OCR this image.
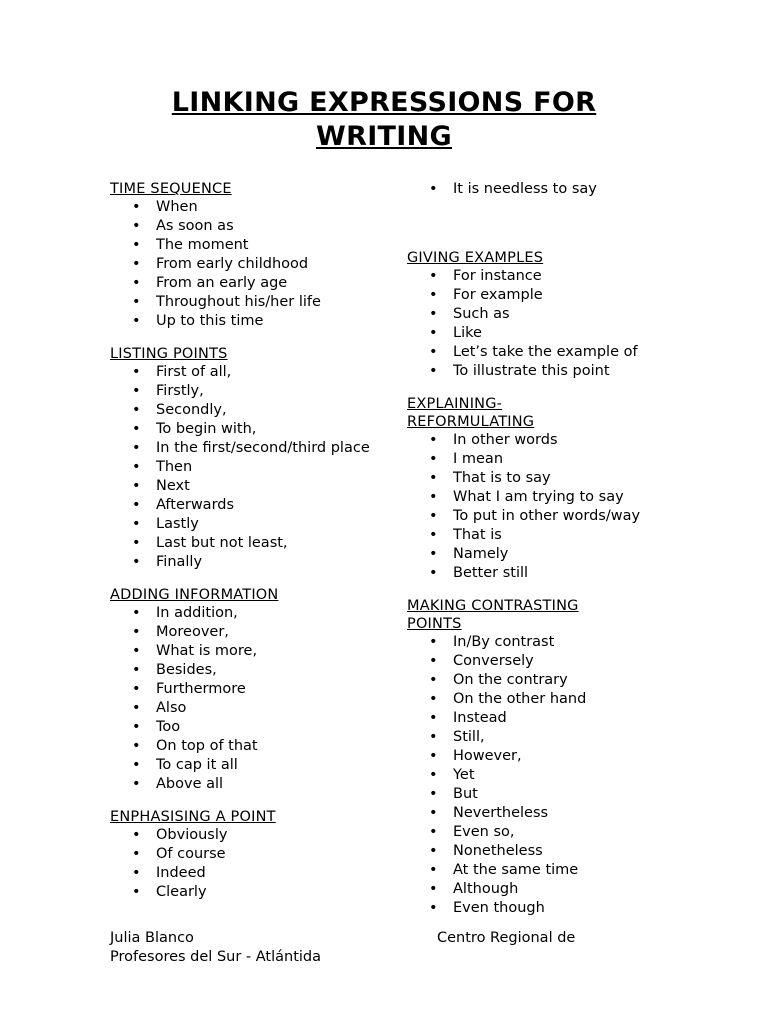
LINKING EXPRESSIONS FOR
WRITING

TIME SEQUENCE

• When
• As soon as
• The moment
• From early childhood
• From an early age
• Throughout his/her life
• Up to this time

LISTING POINTS

• First of all,
• Firstly,
• Secondly,
• To begin with,
• In the first/second/third place
• Then
• Next
• Afterwards
• Lastly
• Last but not least,
• Finally

ADDING INFORMATION

• In addition,
• Moreover,
• What is more,
• Besides,
• Furthermore
• Also
• Too
• On top of that
• To cap it all
• Above all

ENPHASISING A POINT

• Obviously
• Of course
• Indeed
• Clearly
• It is needless to say

GIVING EXAMPLES

• For instance
• For example
• Such as
• Like
• Let’s take the example of
• To illustrate this point

EXPLAINING-REFORMULATING

• In other words
• I mean
• That is to say
• What I am trying to say
• To put in other words/way
• That is
• Namely
• Better still

MAKING CONTRASTING POINTS

• In/By contrast
• Conversely
• On the contrary
• On the other hand
• Instead
• Still,
• However,
• Yet
• But
• Nevertheless
• Even so,
• Nonetheless
• At the same time
• Although
• Even though
Julia Blanco
Profesores del Sur - Atlántida
Centro Regional de
